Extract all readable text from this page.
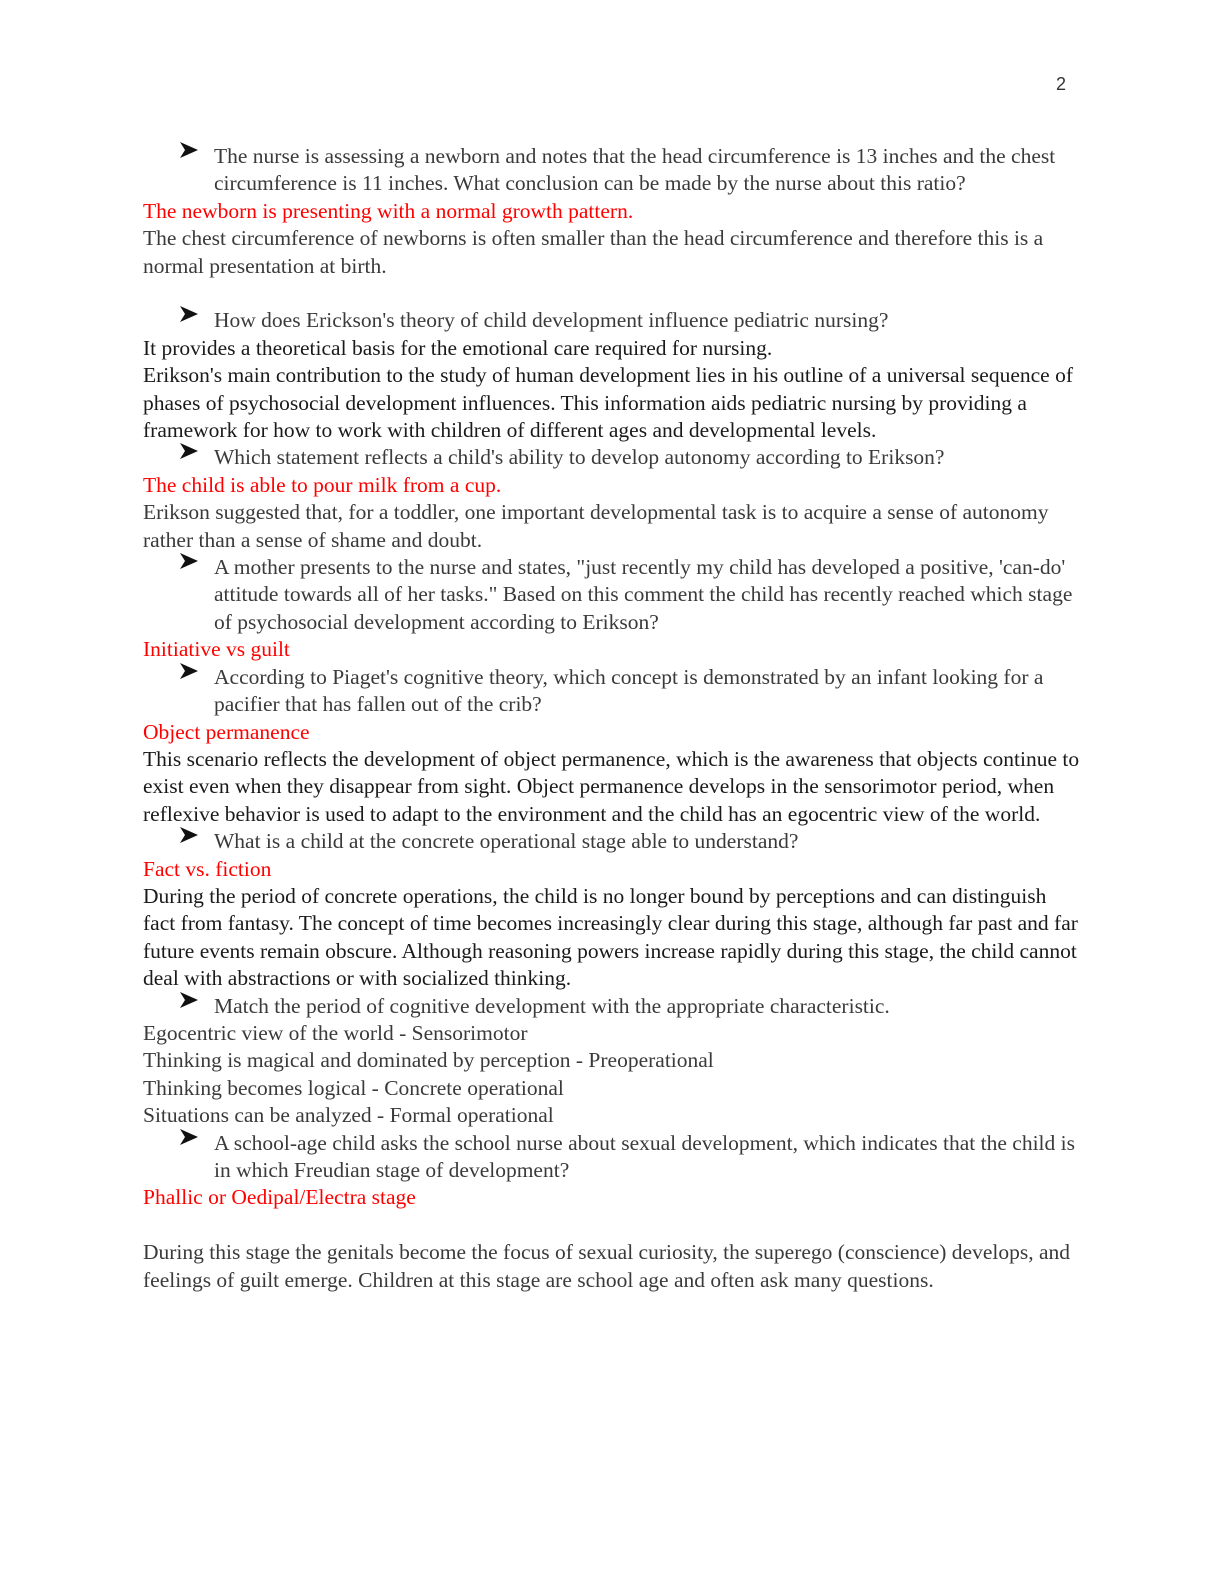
2
The nurse is assessing a newborn and notes that the head circumference is 13 inches and the chest circumference is 11 inches. What conclusion can be made by the nurse about this ratio?
The newborn is presenting with a normal growth pattern.
The chest circumference of newborns is often smaller than the head circumference and therefore this is a normal presentation at birth.
How does Erickson's theory of child development influence pediatric nursing?
It provides a theoretical basis for the emotional care required for nursing.
Erikson's main contribution to the study of human development lies in his outline of a universal sequence of phases of psychosocial development influences. This information aids pediatric nursing by providing a framework for how to work with children of different ages and developmental levels.
Which statement reflects a child's ability to develop autonomy according to Erikson?
The child is able to pour milk from a cup.
Erikson suggested that, for a toddler, one important developmental task is to acquire a sense of autonomy rather than a sense of shame and doubt.
A mother presents to the nurse and states, "just recently my child has developed a positive, 'can-do' attitude towards all of her tasks." Based on this comment the child has recently reached which stage of psychosocial development according to Erikson?
Initiative vs guilt
According to Piaget's cognitive theory, which concept is demonstrated by an infant looking for a pacifier that has fallen out of the crib?
Object permanence
This scenario reflects the development of object permanence, which is the awareness that objects continue to exist even when they disappear from sight. Object permanence develops in the sensorimotor period, when reflexive behavior is used to adapt to the environment and the child has an egocentric view of the world.
What is a child at the concrete operational stage able to understand?
Fact vs. fiction
During the period of concrete operations, the child is no longer bound by perceptions and can distinguish fact from fantasy. The concept of time becomes increasingly clear during this stage, although far past and far future events remain obscure. Although reasoning powers increase rapidly during this stage, the child cannot deal with abstractions or with socialized thinking.
Match the period of cognitive development with the appropriate characteristic.
Egocentric view of the world - Sensorimotor
Thinking is magical and dominated by perception - Preoperational
Thinking becomes logical - Concrete operational
Situations can be analyzed - Formal operational
A school-age child asks the school nurse about sexual development, which indicates that the child is in which Freudian stage of development?
Phallic or Oedipal/Electra stage
During this stage the genitals become the focus of sexual curiosity, the superego (conscience) develops, and feelings of guilt emerge. Children at this stage are school age and often ask many questions.
